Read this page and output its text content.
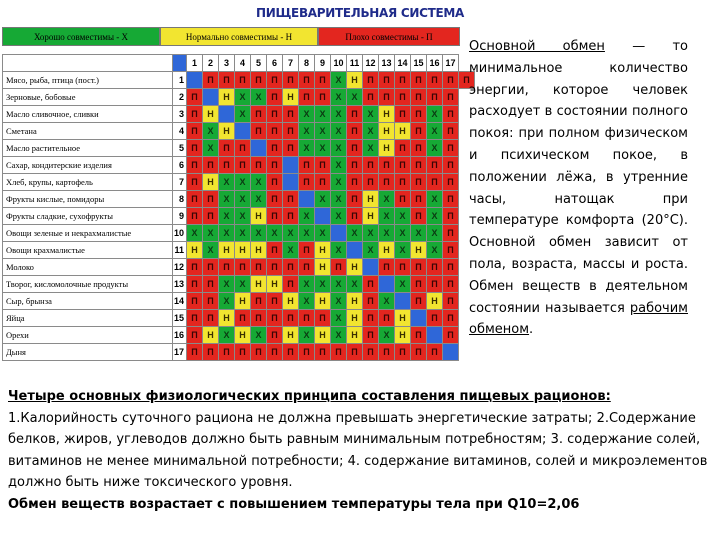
ПИЩЕВАРИТЕЛЬНАЯ СИСТЕМА
Хорошо совместимы - Х	Нормально совместимы - Н	Плохо совместимы - П
		1	2	3	4	5	6	7	8	9	10	11	12	13	14	15	16	17	
Мясо, рыба, птица (пост.)	1		П	П	П	П	П	П	П	П	Х	Н	П	П	П	П	П	П	П
Зерновые, бобовые	2	П		Н	Х	Х	П	Н	П	П	Х	Х	П	П	П	П	П	П	
Масло сливочное, сливки	3	П	Н		Х	П	П	П	Х	Х	Х	П	Х	Н	П	П	Х	П	
Сметана	4	П	Х	Н		П	П	П	Х	Х	Х	П	Х	Н	Н	П	Х	П	
Масло растительное	5	П	Х	П	П		П	П	Х	Х	Х	П	Х	Н	П	П	Х	П	
Сахар, кондитерские изделия	6	П	П	П	П	П	П		П	П	Х	П	П	П	П	П	П	П	
Хлеб, крупы, картофель	7	П	Н	Х	Х	Х	П		П	П	Х	П	П	П	П	П	П	П	
Фрукты кислые, помидоры	8	П	П	Х	Х	Х	П	П		Х	Х	П	Н	Х	П	П	Х	П	
Фрукты сладкие, сухофрукты	9	П	П	Х	Х	Н	П	П	Х		Х	П	Н	Х	Х	П	Х	П	
Овощи зеленые и некрахмалистые	10	Х	Х	Х	Х	Х	Х	Х	Х	Х		Х	Х	Х	Х	Х	Х	П	
Овощи крахмалистые	11	Н	Х	Н	Н	Н	П	Х	П	Н	Х		Х	Н	Х	Н	Х	П	
Молоко	12	П	П	П	П	П	П	П	П	Н	П	Н		П	П	П	П	П	
Творог, кисломолочные продукты	13	П	П	Х	Х	Н	Н	П	Х	Х	Х	Х	П		Х	П	П	П	
Сыр, брынза	14	П	П	Х	Н	П	П	Н	Х	Н	Х	Н	П	Х		П	Н	П	
Яйца	15	П	П	Н	П	П	П	П	П	П	Х	Н	П	П	Н		П	П	
Орехи	16	П	Н	Х	Н	Х	П	Н	Х	Н	Х	Н	П	Х	Н	П		П	
Дыня	17	П	П	П	П	П	П	П	П	П	П	П	П	П	П	П	П		
Основной обмен — то минимальное количество энергии, которое человек расходует в состоянии полного покоя: при полном физическом и психическом покое, в положении лёжа, в утренние часы, натощак при температуре комфорта (20°С). Основной обмен зависит от пола, возраста, массы и роста. Обмен веществ в деятельном состоянии называется рабочим обменом.
Четыре основных физиологических принципа составления пищевых рационов:
1.Калорийность суточного рациона не должна превышать энергетические затраты; 2.Содержание белков, жиров, углеводов должно быть равным минимальным потребностям; 3. содержание солей, витаминов не менее минимальной потребности; 4. содержание витаминов, солей и микроэлементов должно быть ниже токсического уровня.
Обмен веществ возрастает с повышением температуры тела при Q10=2,06
